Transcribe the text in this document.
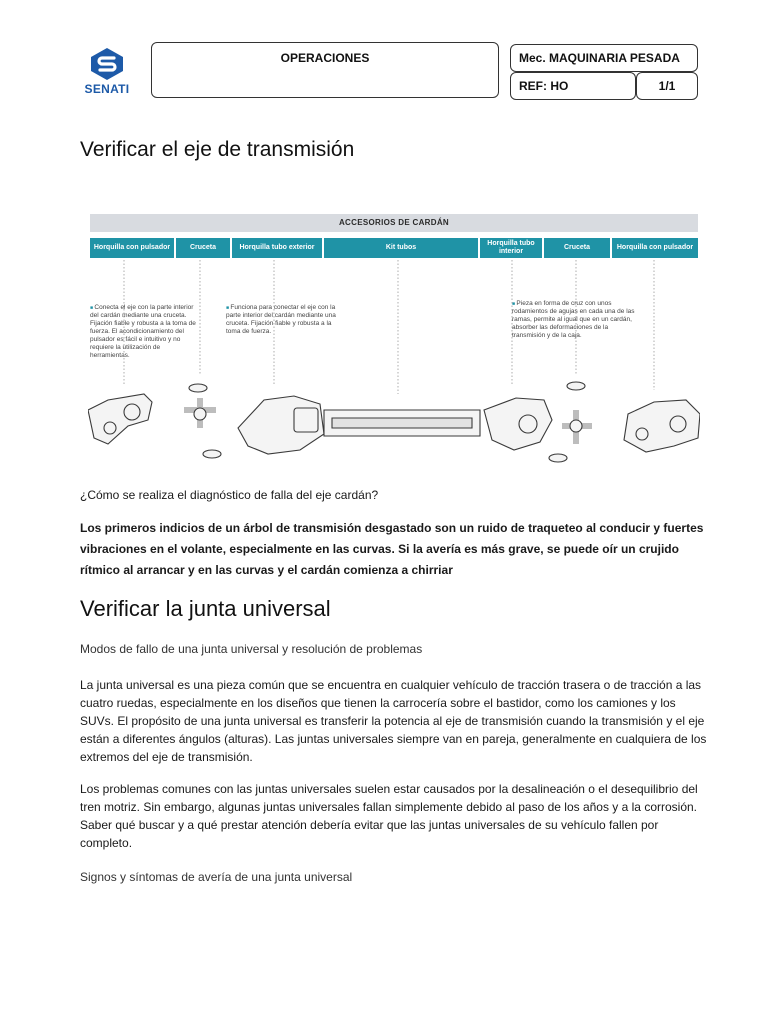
SENATI
OPERACIONES	Mec. MAQUINARIA PESADA
REF: HO	1/1
Verificar el eje de transmisión
ACCESORIOS DE CARDÁN
Horquilla con pulsador	Cruceta	Horquilla tubo exterior	Kit tubos
Horquilla tubo interior
Cruceta	Horquilla con pulsador
■ Conecta el eje con la parte interior del cardán mediante una cruceta. Fijación fiable y robusta a la toma de fuerza. El acondicionamiento del pulsador es fácil e intuitivo y no requiere la utilización de herramientas.
■ Funciona para conectar el eje con la parte interior del cardán mediante una cruceta. Fijación fiable y robusta a la toma de fuerza.
■ Pieza en forma de cruz con unos rodamientos de agujas en cada una de las ramas, permite al igual que en un cardán, absorber las deformaciones de la transmisión y de la caja.
¿Cómo se realiza el diagnóstico de falla del eje cardán?
Los primeros indicios de un árbol de transmisión desgastado son un ruido de traqueteo al conducir y fuertes vibraciones en el volante, especialmente en las curvas. Si la avería es más grave, se puede oír un crujido rítmico al arrancar y en las curvas y el cardán comienza a chirriar
Verificar la junta universal
Modos de fallo de una junta universal y resolución de problemas
La junta universal es una pieza común que se encuentra en cualquier vehículo de tracción trasera o de tracción a las cuatro ruedas, especialmente en los diseños que tienen la carrocería sobre el bastidor, como los camiones y los SUVs. El propósito de una junta universal es transferir la potencia al eje de transmisión cuando la transmisión y el eje están a diferentes ángulos (alturas). Las juntas universales siempre van en pareja, generalmente en cualquiera de los extremos del eje de transmisión.
Los problemas comunes con las juntas universales suelen estar causados por la desalineación o el desequilibrio del tren motriz. Sin embargo, algunas juntas universales fallan simplemente debido al paso de los años y a la corrosión. Saber qué buscar y a qué prestar atención debería evitar que las juntas universales de su vehículo fallen por completo.
Signos y síntomas de avería de una junta universal
